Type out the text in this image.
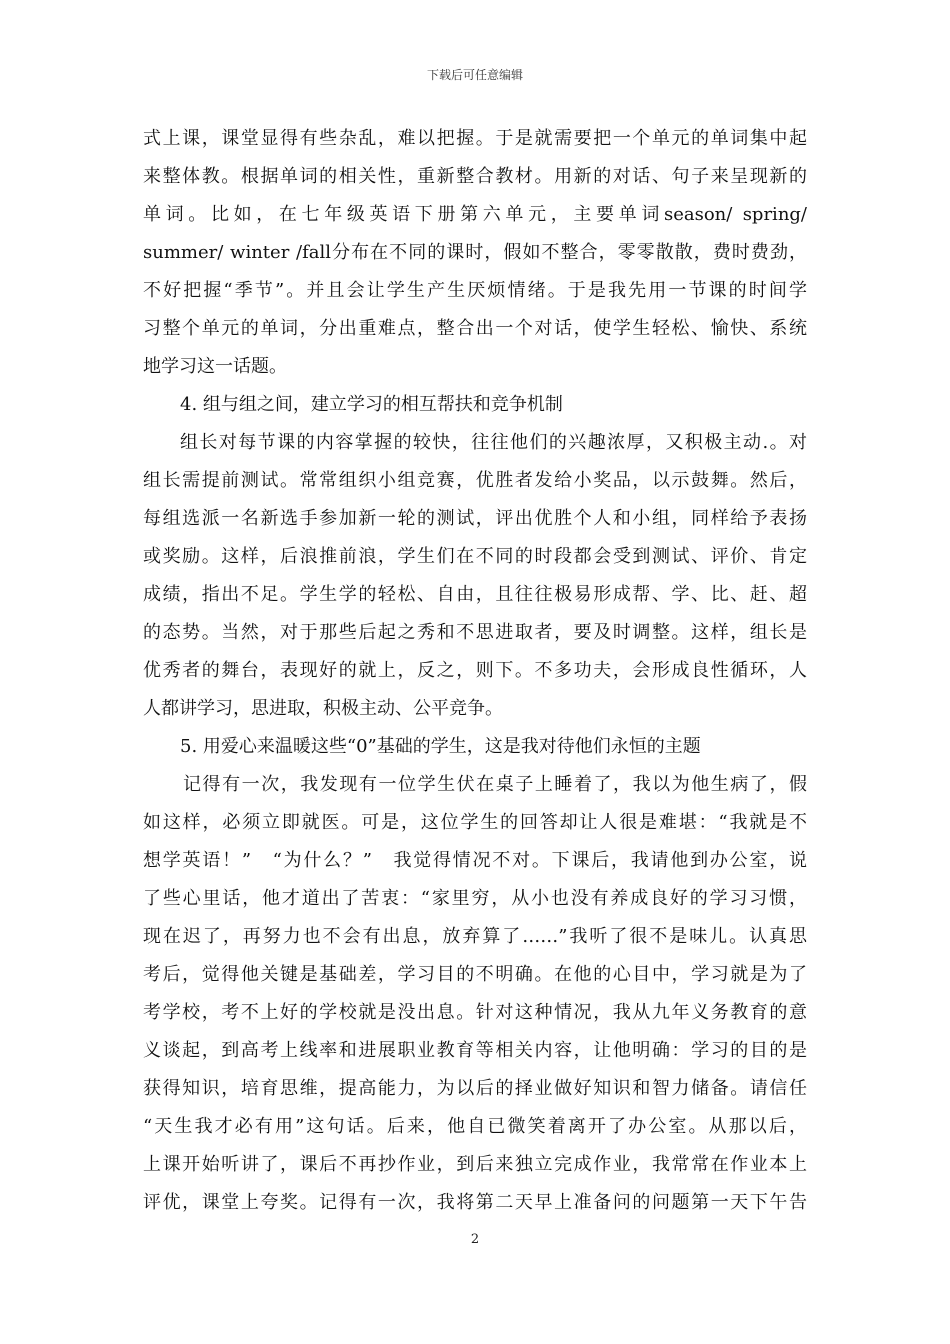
下载后可任意编辑
式上课，课堂显得有些杂乱，难以把握。于是就需要把一个单元的单词集中起
来整体教。根据单词的相关性，重新整合教材。用新的对话、句子来呈现新的
单词。比如，在七年级英语下册第六单元，主要单词season/ spring/
summer/ winter /fall分布在不同的课时，假如不整合，零零散散，费时费劲，
不好把握“季节”。并且会让学生产生厌烦情绪。于是我先用一节课的时间学
习整个单元的单词，分出重难点，整合出一个对话，使学生轻松、愉快、系统
地学习这一话题。
4. 组与组之间，建立学习的相互帮扶和竞争机制
组长对每节课的内容掌握的较快，往往他们的兴趣浓厚，又积极主动.。对
组长需提前测试。常常组织小组竞赛，优胜者发给小奖品，以示鼓舞。然后，
每组选派一名新选手参加新一轮的测试，评出优胜个人和小组，同样给予表扬
或奖励。这样，后浪推前浪，学生们在不同的时段都会受到测试、评价、肯定
成绩，指出不足。学生学的轻松、自由，且往往极易形成帮、学、比、赶、超
的态势。当然，对于那些后起之秀和不思进取者，要及时调整。这样，组长是
优秀者的舞台，表现好的就上，反之，则下。不多功夫，会形成良性循环，人
人都讲学习，思进取，积极主动、公平竞争。
5. 用爱心来温暖这些“0”基础的学生，这是我对待他们永恒的主题
记得有一次，我发现有一位学生伏在桌子上睡着了，我以为他生病了，假
如这样，必须立即就医。可是，这位学生的回答却让人很是难堪：“我就是不
想学英语！”　“为什么？”　我觉得情况不对。下课后，我请他到办公室，说
了些心里话，他才道出了苦衷：“家里穷，从小也没有养成良好的学习习惯，
现在迟了，再努力也不会有出息，放弃算了……”我听了很不是味儿。认真思
考后，觉得他关键是基础差，学习目的不明确。在他的心目中，学习就是为了
考学校，考不上好的学校就是没出息。针对这种情况，我从九年义务教育的意
义谈起，到高考上线率和进展职业教育等相关内容，让他明确：学习的目的是
获得知识，培育思维，提高能力，为以后的择业做好知识和智力储备。请信任
“天生我才必有用”这句话。后来，他自已微笑着离开了办公室。从那以后，
上课开始听讲了，课后不再抄作业，到后来独立完成作业，我常常在作业本上
评优，课堂上夸奖。记得有一次，我将第二天早上准备问的问题第一天下午告
2
